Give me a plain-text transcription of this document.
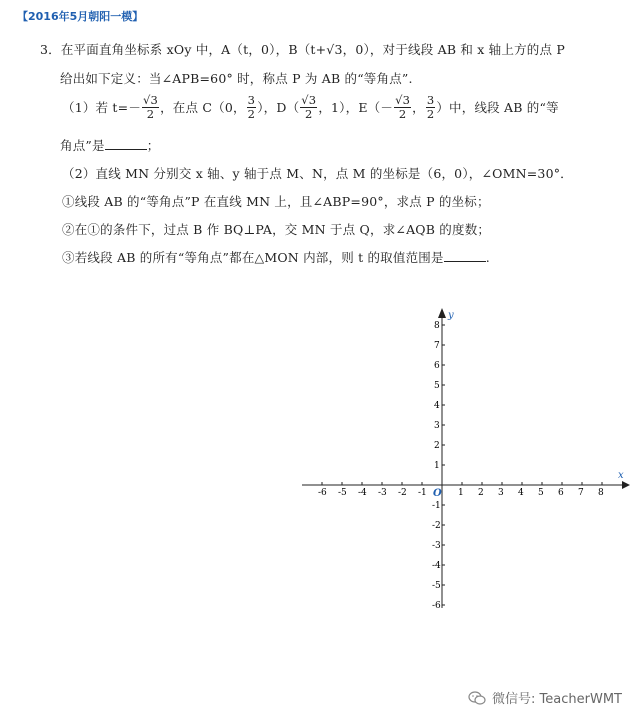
【2016年5月朝阳一模】
3．在平面直角坐标系 xOy 中，A（t，0），B（t+√3，0），对于线段 AB 和 x 轴上方的点 P
给出如下定义：当∠APB=60° 时，称点 P 为 AB 的“等角点”.
（1）若 $t=- \frac{√3}{2}$ ，在点 C（0， $\frac{3}{2}$ ），$D( \frac{√3}{2}$ ，1），$E(- \frac{√3}{2}$ ， $\frac{3}{2}$ ）中，线段 AB 的“等
角点”是	；
（2）直线 MN 分别交 x 轴、y 轴于点 M、N，点 M 的坐标是（6，0），∠OMN=30°．
①线段 AB 的“等角点”P 在直线 MN 上，且∠ABP=90°，求点 P 的坐标；
②在①的条件下，过点 B 作 BQ⊥PA，交 MN 于点 Q，求∠AQB 的度数；
③若线段 AB 的所有“等角点”都在△MON 内部，则 t 的取值范围是	.
x
y
O
-6 -5 -4 -3 -2 -1	1 2 3 4 5 6 7 8
8
7
6
5
4
3
2
1
-1
-2
-3
-4
-5
-6
微信号: TeacherWMT
